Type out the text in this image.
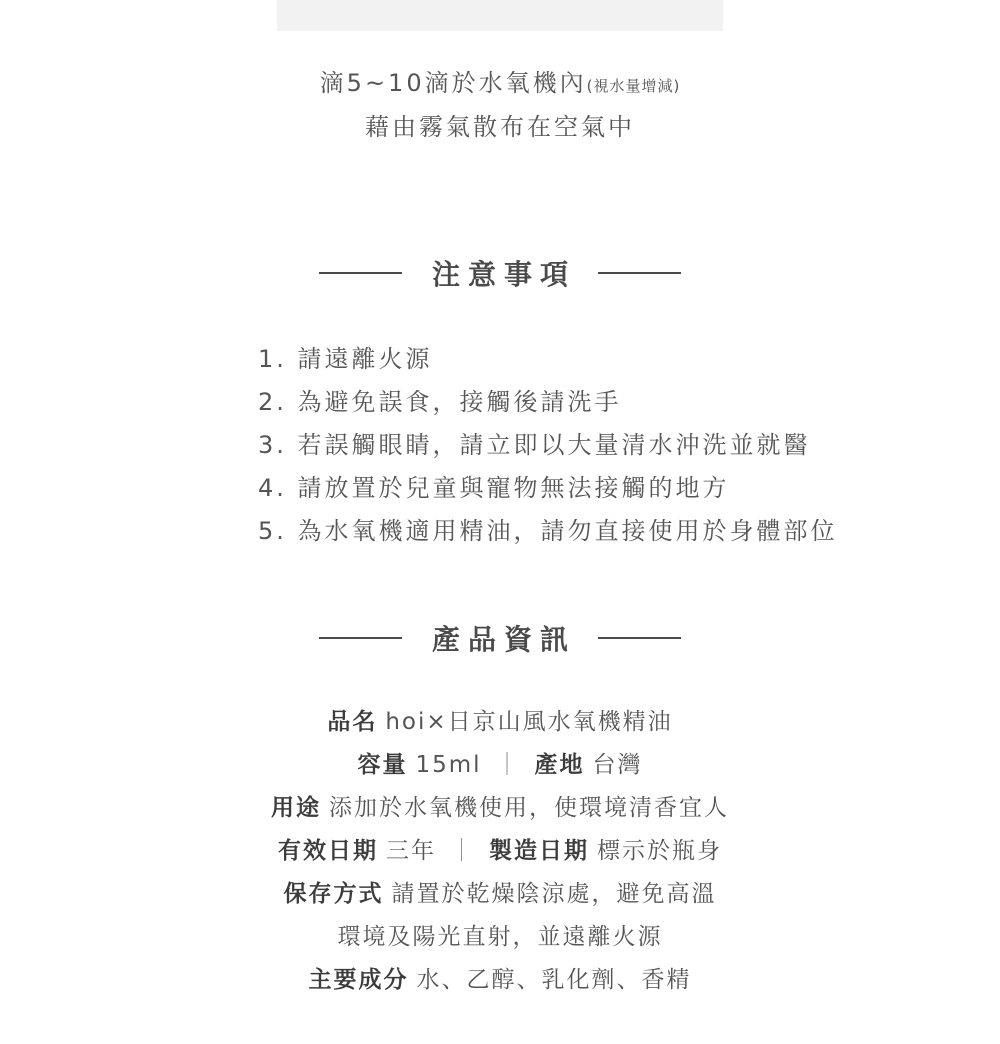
滴5~10滴於水氧機內(視水量增減)
藉由霧氣散布在空氣中
注意事項
1. 請遠離火源
2. 為避免誤食，接觸後請洗手
3. 若誤觸眼睛，請立即以大量清水沖洗並就醫
4. 請放置於兒童與寵物無法接觸的地方
5. 為水氧機適用精油，請勿直接使用於身體部位
產品資訊
品名 hoi×日京山風水氧機精油
容量 15ml ｜ 產地 台灣
用途 添加於水氧機使用，使環境清香宜人
有效日期 三年 ｜ 製造日期 標示於瓶身
保存方式 請置於乾燥陰涼處，避免高溫
環境及陽光直射，並遠離火源
主要成分 水、乙醇、乳化劑、香精
